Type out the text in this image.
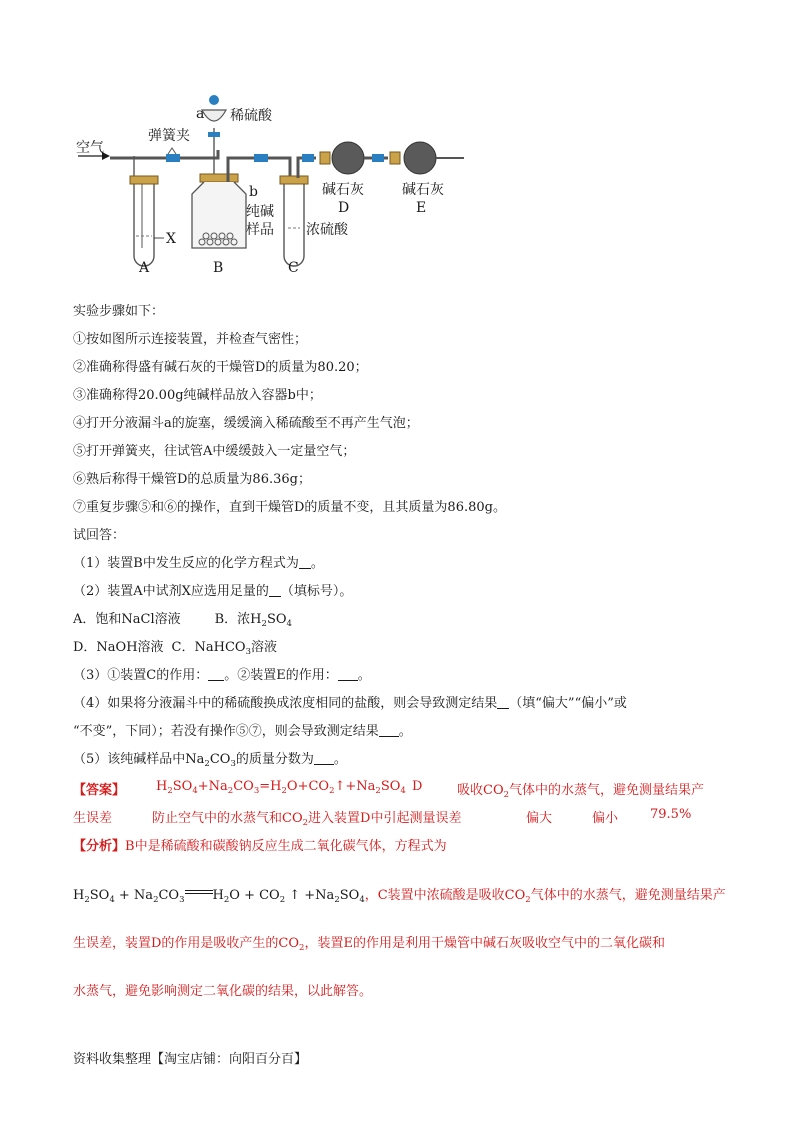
空气
弹簧夹
X
A
a 稀硫酸
b
纯碱
样品
B
浓硫酸
C
碱石灰
D
碱石灰
E
实验步骤如下：
①按如图所示连接装置，并检查气密性；
②准确称得盛有碱石灰的干燥管D的质量为80.20；
③准确称得20.00g纯碱样品放入容器b中；
④打开分液漏斗a的旋塞，缓缓滴入稀硫酸至不再产生气泡；
⑤打开弹簧夹，往试管A中缓缓鼓入一定量空气；
⑥熟后称得干燥管D的总质量为86.36g；
⑦重复步骤⑤和⑥的操作，直到干燥管D的质量不变，且其质量为86.80g。
试回答：
（1）装置B中发生反应的化学方程式为 。
（2）装置A中试剂X应选用足量的 （填标号）。
A．饱和NaCl溶液	B．浓$H_2SO_4$
D．NaOH溶液 C．NaHCO$_3$溶液
（3）①装置C的作用： 。②装置E的作用： 。
（4）如果将分液漏斗中的稀硫酸换成浓度相同的盐酸，则会导致测定结果 （填“偏大”“偏小”或
“不变”，下同）；若没有操作⑤⑦，则会导致测定结果 。
（5）该纯碱样品中$Na_2CO_3$的质量分数为 。
【答案】 $H_2SO_4+Na_2CO_3=H_2O+CO_2↑+Na_2SO_4$ D	吸收$CO_2$气体中的水蒸气，避免测量结果产
生误差	防止空气中的水蒸气和$CO_2$进入装置D中引起测量误差	偏大	偏小 79.5%
【分析】B中是稀硫酸和碳酸钠反应生成二氧化碳气体，方程式为
$H_2SO_4 + Na_2CO_3$ $H_2O + CO_2$ ↑ $+Na_2SO_4$，C装置中浓硫酸是吸收$CO_2$气体中的水蒸气，避免测量结果产
生误差，装置D的作用是吸收产生的$CO_2$，装置E的作用是利用干燥管中碱石灰吸收空气中的二氧化碳和
水蒸气，避免影响测定二氧化碳的结果，以此解答。
资料收集整理【淘宝店铺：向阳百分百】
